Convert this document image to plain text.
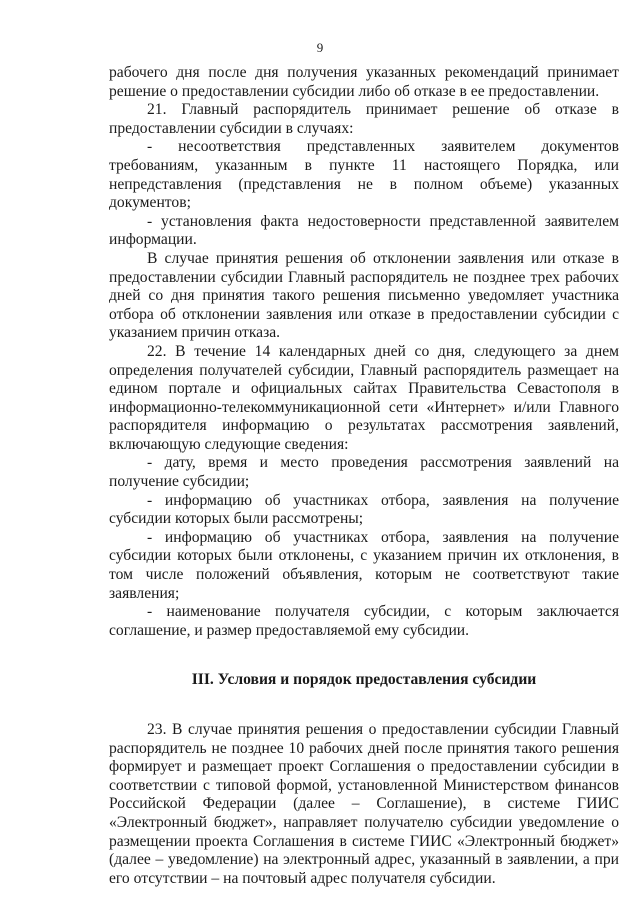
9

рабочего дня после дня получения указанных рекомендаций принимает решение о предоставлении субсидии либо об отказе в ее предоставлении.

21. Главный распорядитель принимает решение об отказе в предоставлении субсидии в случаях:

- несоответствия представленных заявителем документов требованиям, указанным в пункте 11 настоящего Порядка, или непредставления (представления не в полном объеме) указанных документов;

- установления факта недостоверности представленной заявителем информации.

В случае принятия решения об отклонении заявления или отказе в предоставлении субсидии Главный распорядитель не позднее трех рабочих дней со дня принятия такого решения письменно уведомляет участника отбора об отклонении заявления или отказе в предоставлении субсидии с указанием причин отказа.

22. В течение 14 календарных дней со дня, следующего за днем определения получателей субсидии, Главный распорядитель размещает на едином портале и официальных сайтах Правительства Севастополя в информационно-телекоммуникационной сети «Интернет» и/или Главного распорядителя информацию о результатах рассмотрения заявлений, включающую следующие сведения:

- дату, время и место проведения рассмотрения заявлений на получение субсидии;

- информацию об участниках отбора, заявления на получение субсидии которых были рассмотрены;

- информацию об участниках отбора, заявления на получение субсидии которых были отклонены, с указанием причин их отклонения, в том числе положений объявления, которым не соответствуют такие заявления;

- наименование получателя субсидии, с которым заключается соглашение, и размер предоставляемой ему субсидии.

III. Условия и порядок предоставления субсидии

23. В случае принятия решения о предоставлении субсидии Главный распорядитель не позднее 10 рабочих дней после принятия такого решения формирует и размещает проект Соглашения о предоставлении субсидии в соответствии с типовой формой, установленной Министерством финансов Российской Федерации (далее – Соглашение), в системе ГИИС «Электронный бюджет», направляет получателю субсидии уведомление о размещении проекта Соглашения в системе ГИИС «Электронный бюджет» (далее – уведомление) на электронный адрес, указанный в заявлении, а при его отсутствии – на почтовый адрес получателя субсидии.
